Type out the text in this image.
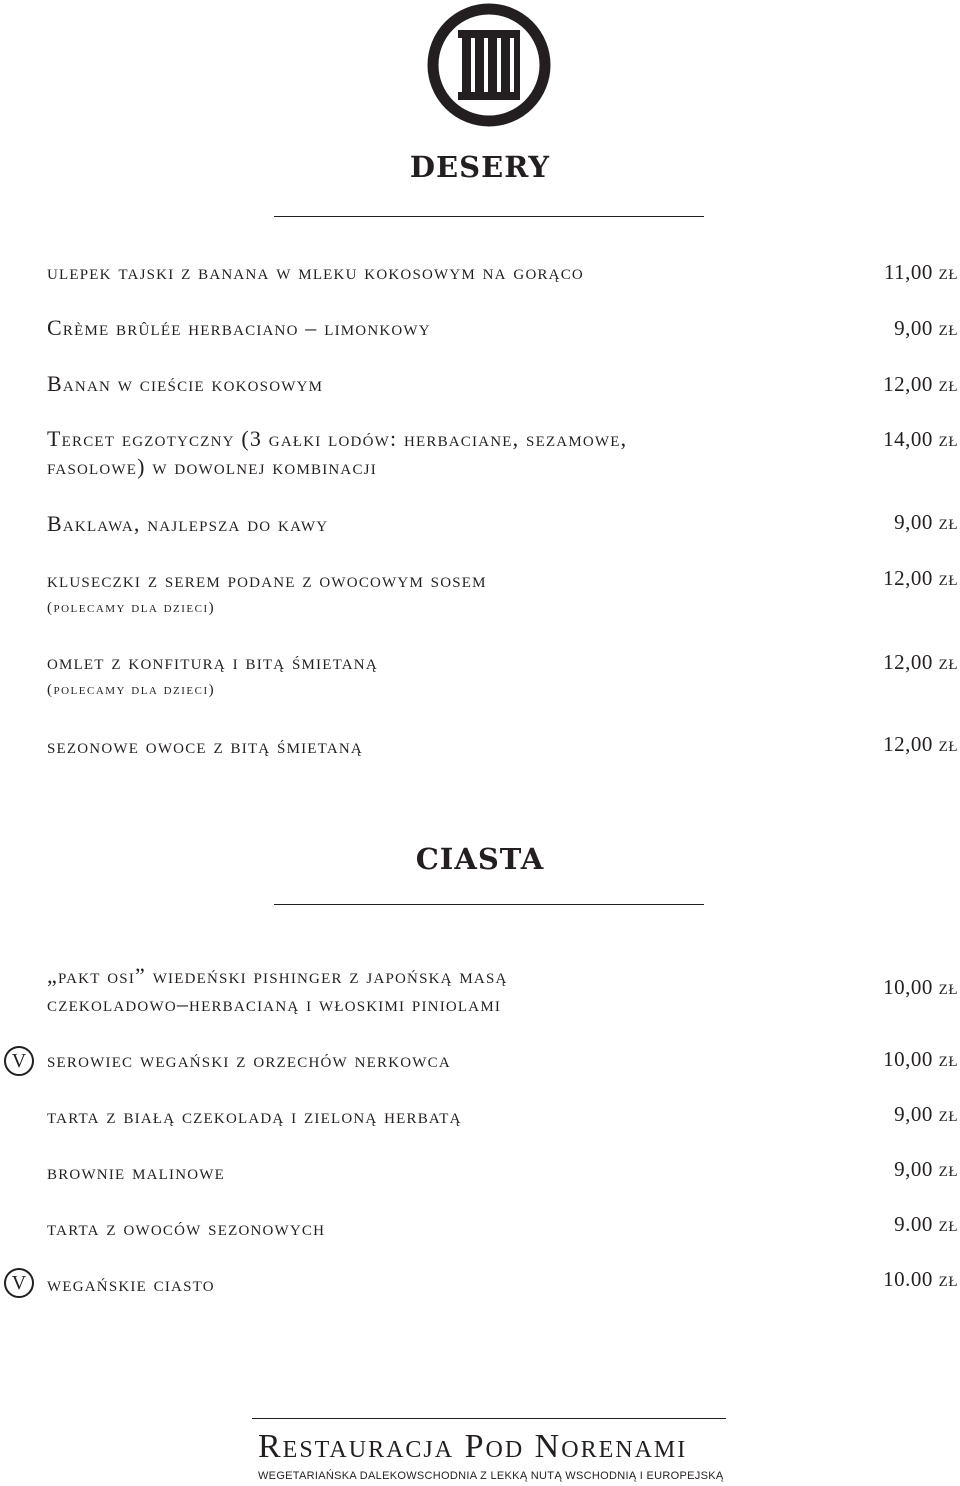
DESERY
ulepek tajski z banana w mleku kokosowym na gorąco	11,00 zł
Crème brûlée herbaciano – limonkowy	9,00 zł
Banan w cieście kokosowym	12,00 zł
Tercet egzotyczny (3 gałki lodów: herbaciane, sezamowe,
fasolowe) w dowolnej kombinacji
14,00 zł
Baklawa, najlepsza do kawy	9,00 zł
kluseczki z serem podane z owocowym sosem
(polecamy dla dzieci)
12,00 zł
omlet z konfiturą i bitą śmietaną
(polecamy dla dzieci)
12,00 zł
sezonowe owoce z bitą śmietaną	12,00 zł
CIASTA
„pakt osi” wiedeński pishinger z japońską masą
czekoladowo–herbacianą i włoskimi piniolami
10,00 zł
V serowiec wegański z orzechów nerkowca	10,00 zł
tarta z białą czekoladą i zieloną herbatą	9,00 zł
brownie malinowe	9,00 zł
tarta z owoców sezonowych	9.00 zł
V wegańskie ciasto	10.00 zł
Restauracja Pod Norenami
WEGETARIAŃSKA DALEKOWSCHODNIA Z LEKKĄ NUTĄ WSCHODNIĄ I EUROPEJSKĄ
